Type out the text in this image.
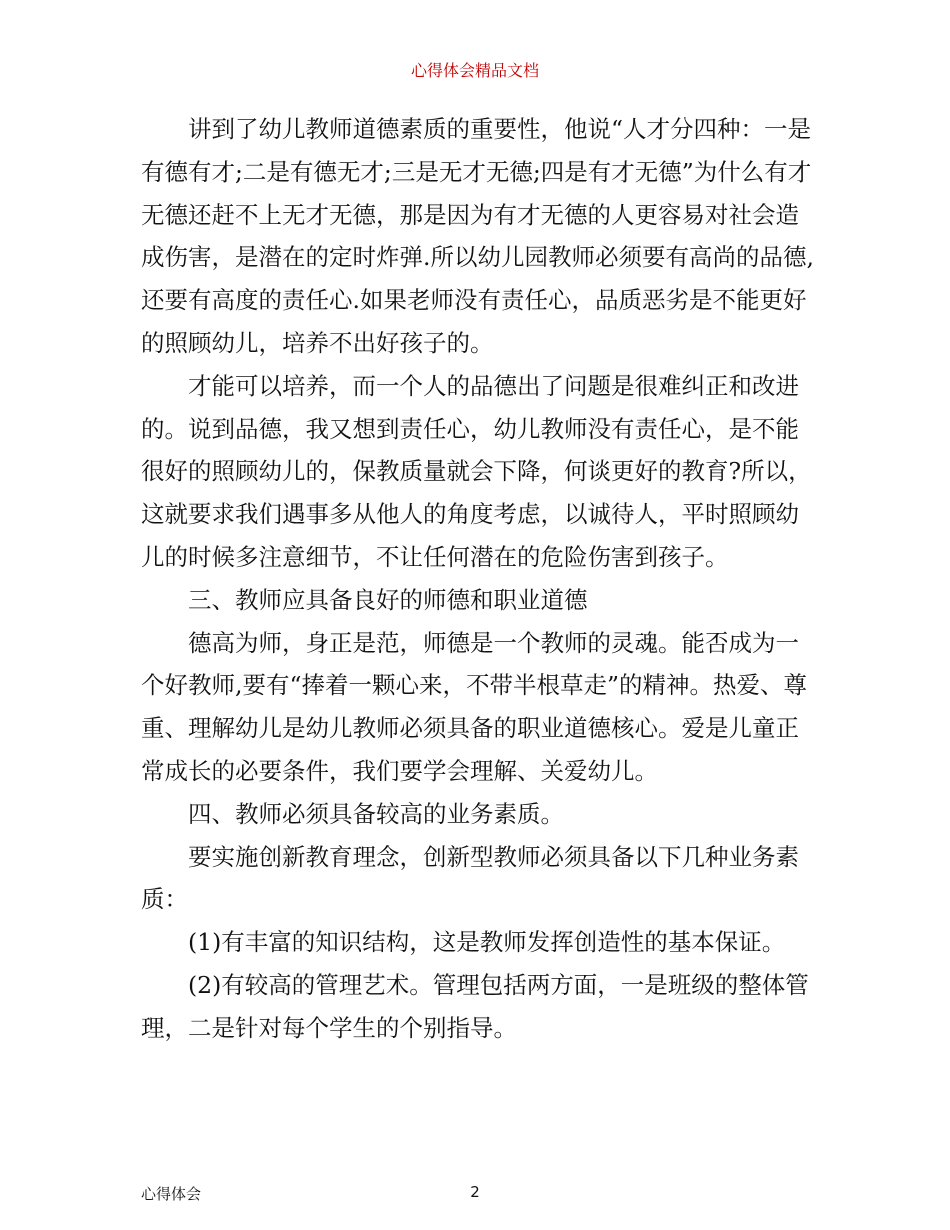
心得体会精品文档

讲到了幼儿教师道德素质的重要性，他说“人才分四种：一是有德有才;二是有德无才;三是无才无德;四是有才无德”为什么有才无德还赶不上无才无德，那是因为有才无德的人更容易对社会造成伤害，是潜在的定时炸弹.所以幼儿园教师必须要有高尚的品德,还要有高度的责任心.如果老师没有责任心，品质恶劣是不能更好的照顾幼儿，培养不出好孩子的。

才能可以培养，而一个人的品德出了问题是很难纠正和改进的。说到品德，我又想到责任心，幼儿教师没有责任心，是不能很好的照顾幼儿的，保教质量就会下降，何谈更好的教育?所以，这就要求我们遇事多从他人的角度考虑，以诚待人，平时照顾幼儿的时候多注意细节，不让任何潜在的危险伤害到孩子。

三、教师应具备良好的师德和职业道德

德高为师，身正是范，师德是一个教师的灵魂。能否成为一个好教师,要有“捧着一颗心来，不带半根草走”的精神。热爱、尊重、理解幼儿是幼儿教师必须具备的职业道德核心。爱是儿童正常成长的必要条件，我们要学会理解、关爱幼儿。

四、教师必须具备较高的业务素质。

要实施创新教育理念，创新型教师必须具备以下几种业务素质：

(1)有丰富的知识结构，这是教师发挥创造性的基本保证。

(2)有较高的管理艺术。管理包括两方面，一是班级的整体管理，二是针对每个学生的个别指导。

心得体会	2
